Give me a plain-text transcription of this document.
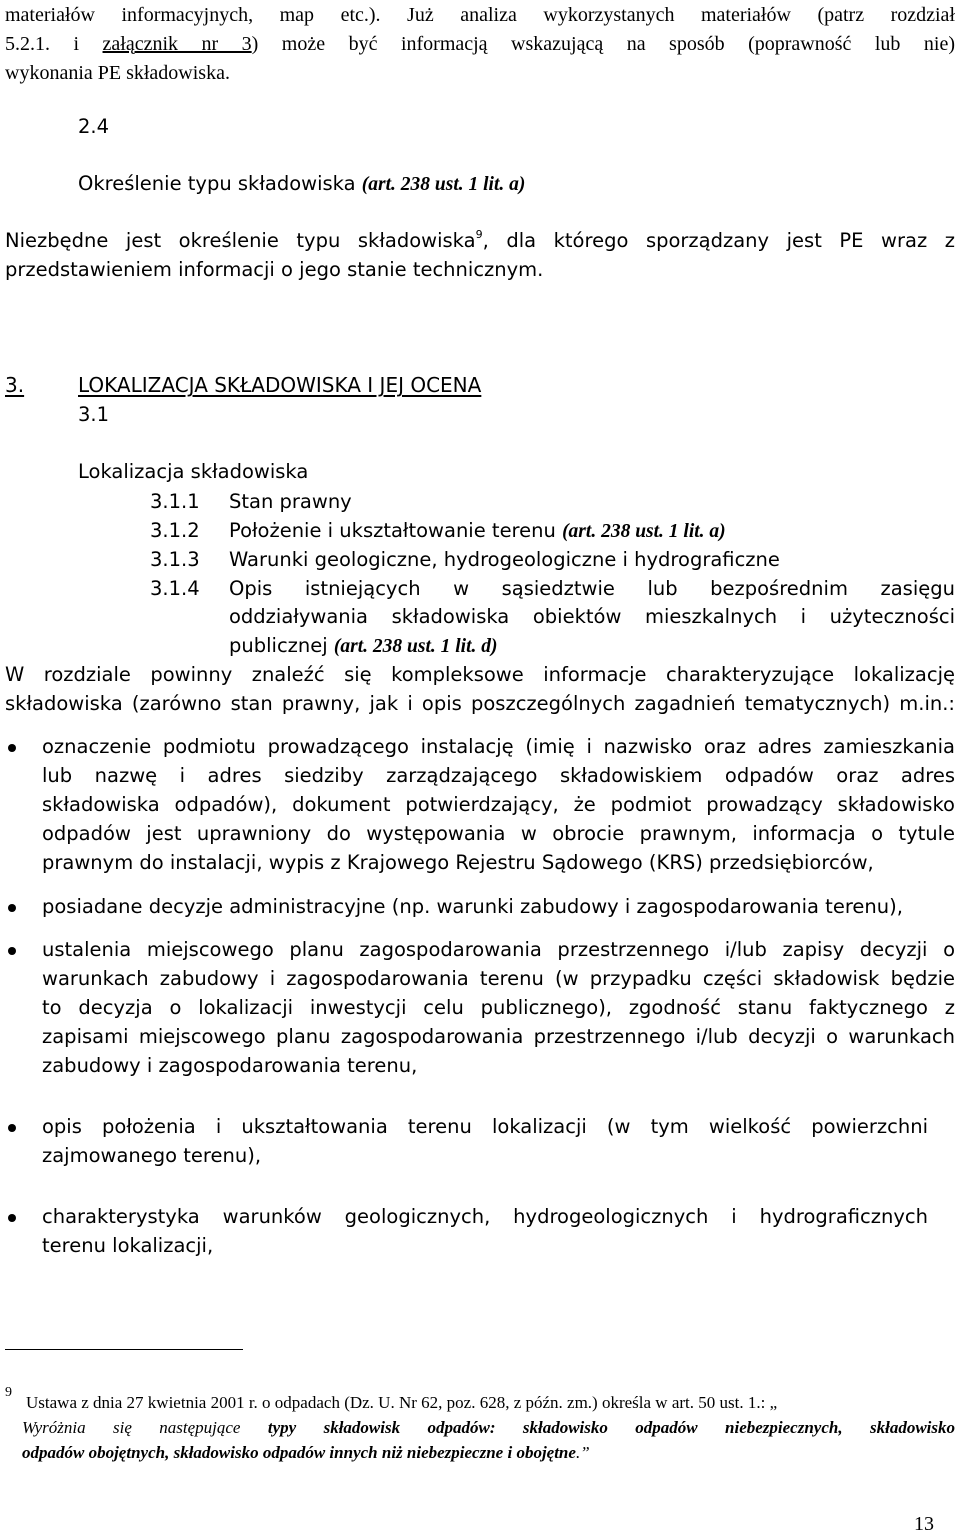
materiałów informacyjnych, map etc.). Już analiza wykorzystanych materiałów (patrz rozdział
5.2.1. i załącznik nr 3) może być informacją wskazującą na sposób (poprawność lub nie)
wykonania PE składowiska.
2.4
Określenie typu składowiska (art. 238 ust. 1 lit. a)
Niezbędne jest określenie typu składowiska$^9$, dla którego sporządzany jest PE wraz z
przedstawieniem informacji o jego stanie technicznym.
3.	LOKALIZACJA SKŁADOWISKA I JEJ OCENA
3.1
Lokalizacja składowiska
3.1.1 Stan prawny
3.1.2 Położenie i ukształtowanie terenu (art. 238 ust. 1 lit. a)
3.1.3 Warunki geologiczne, hydrogeologiczne i hydrograficzne
3.1.4 Opis istniejących w sąsiedztwie lub bezpośrednim zasięgu
oddziaływania składowiska obiektów mieszkalnych i użyteczności
publicznej (art. 238 ust. 1 lit. d)
W rozdziale powinny znaleźć się kompleksowe informacje charakteryzujące lokalizację
składowiska (zarówno stan prawny, jak i opis poszczególnych zagadnień tematycznych) m.in.:
oznaczenie podmiotu prowadzącego instalację (imię i nazwisko oraz adres zamieszkania
lub nazwę i adres siedziby zarządzającego składowiskiem odpadów oraz adres
składowiska odpadów), dokument potwierdzający, że podmiot prowadzący składowisko
odpadów jest uprawniony do występowania w obrocie prawnym, informacja o tytule
prawnym do instalacji, wypis z Krajowego Rejestru Sądowego (KRS) przedsiębiorców,
posiadane decyzje administracyjne (np. warunki zabudowy i zagospodarowania terenu),
ustalenia miejscowego planu zagospodarowania przestrzennego i/lub zapisy decyzji o
warunkach zabudowy i zagospodarowania terenu (w przypadku części składowisk będzie
to decyzja o lokalizacji inwestycji celu publicznego), zgodność stanu faktycznego z
zapisami miejscowego planu zagospodarowania przestrzennego i/lub decyzji o warunkach
zabudowy i zagospodarowania terenu,
opis położenia i ukształtowania terenu lokalizacji (w tym wielkość powierzchni
zajmowanego terenu),
charakterystyka warunków geologicznych, hydrogeologicznych i hydrograficznych
terenu lokalizacji,
9
Ustawa z dnia 27 kwietnia 2001 r. o odpadach (Dz. U. Nr 62, poz. 628, z późn. zm.) określa w art. 50 ust. 1.: „
Wyróżnia się następujące typy składowisk odpadów: składowisko odpadów niebezpiecznych, składowisko
odpadów obojętnych, składowisko odpadów innych niż niebezpieczne i obojętne.”
13
